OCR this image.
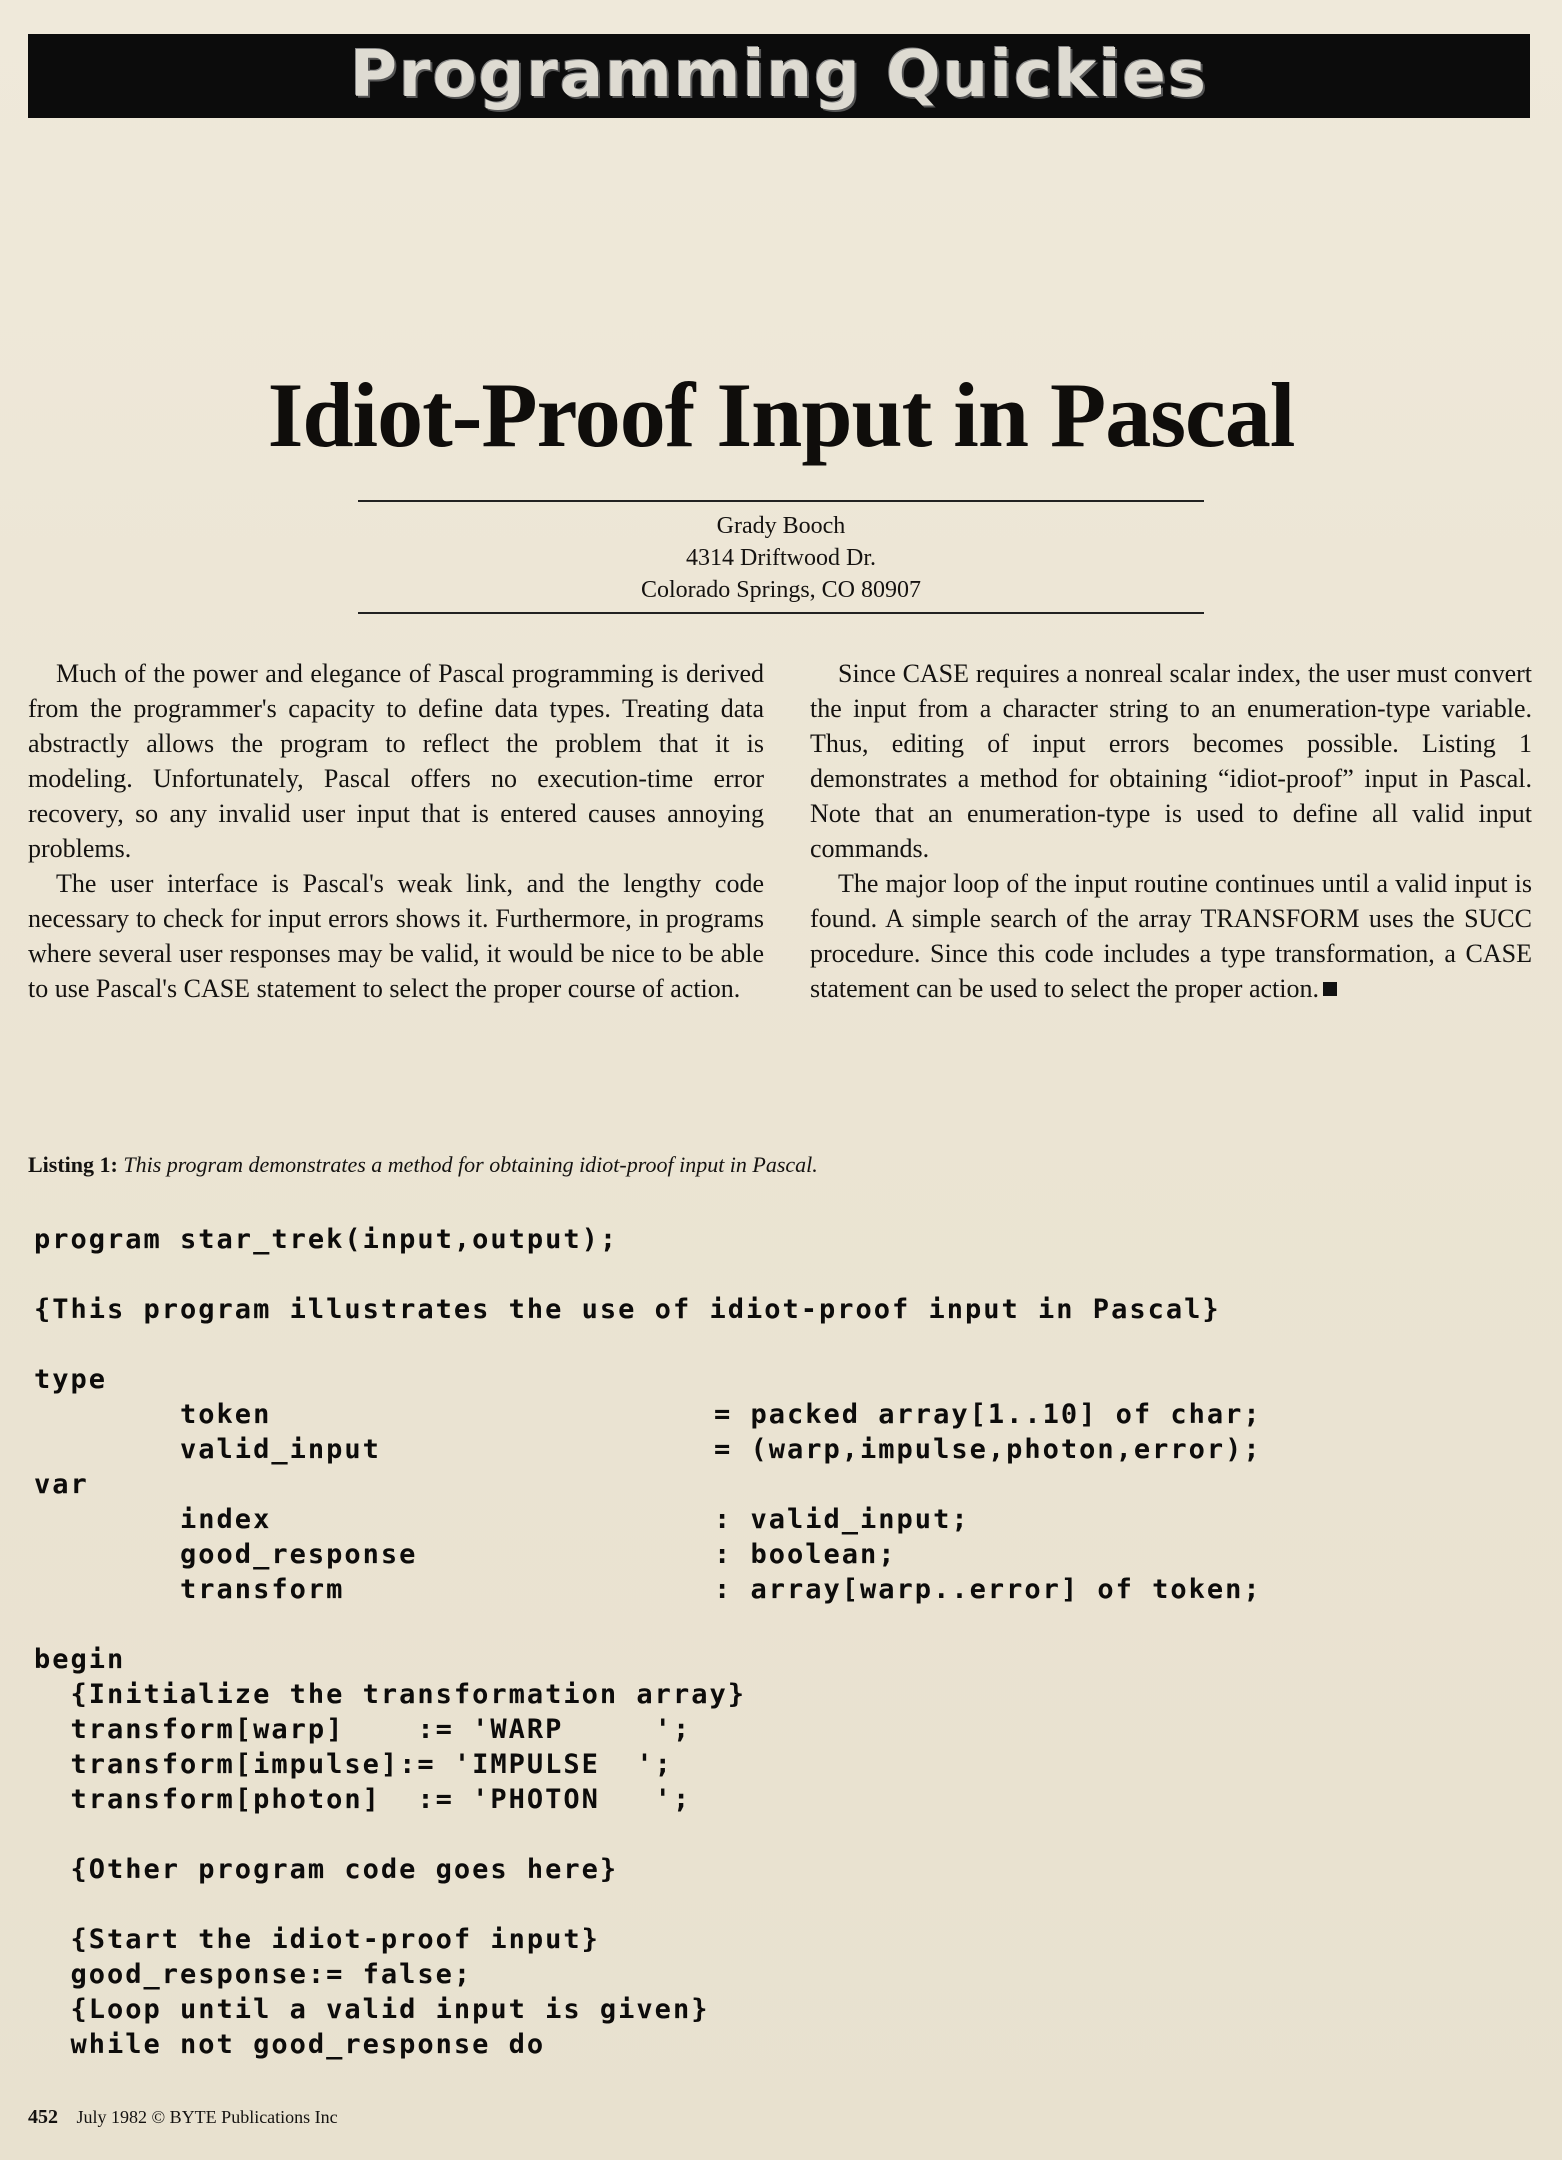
Programming Quickies
Idiot-Proof Input in Pascal
Grady Booch
4314 Driftwood Dr.
Colorado Springs, CO 80907

Much of the power and elegance of Pascal programming is derived from the programmer's capacity to define data types. Treating data abstractly allows the program to reflect the problem that it is modeling. Unfortunately, Pascal offers no execution-time error recovery, so any invalid user input that is entered causes annoying problems.

The user interface is Pascal's weak link, and the lengthy code necessary to check for input errors shows it. Furthermore, in programs where several user responses may be valid, it would be nice to be able to use Pascal's CASE statement to select the proper course of action.

Since CASE requires a nonreal scalar index, the user must convert the input from a character string to an enumeration-type variable. Thus, editing of input errors becomes possible. Listing 1 demonstrates a method for obtaining “idiot-proof” input in Pascal. Note that an enumeration-type is used to define all valid input commands.

The major loop of the input routine continues until a valid input is found. A simple search of the array TRANSFORM uses the SUCC procedure. Since this code includes a type transformation, a CASE statement can be used to select the proper action.

Listing 1: This program demonstrates a method for obtaining idiot-proof input in Pascal.
program star_trek(input,output);
{This program illustrates the use of idiot-proof input in Pascal}
type
token
valid_input
var
index
good_response
transform
begin
{Initialize the transformation array}
transform[warp]    := 'WARP     ';
transform[impulse]:= 'IMPULSE  ';
transform[photon]  := 'PHOTON   ';
{Other program code goes here}
{Start the idiot-proof input}
good_response:= false;
{Loop until a valid input is given}
while not good_response do
= packed array[1..10] of char;
= (warp,impulse,photon,error);
: valid_input;
: boolean;
: array[warp..error] of token;
452 July 1982 © BYTE Publications Inc
